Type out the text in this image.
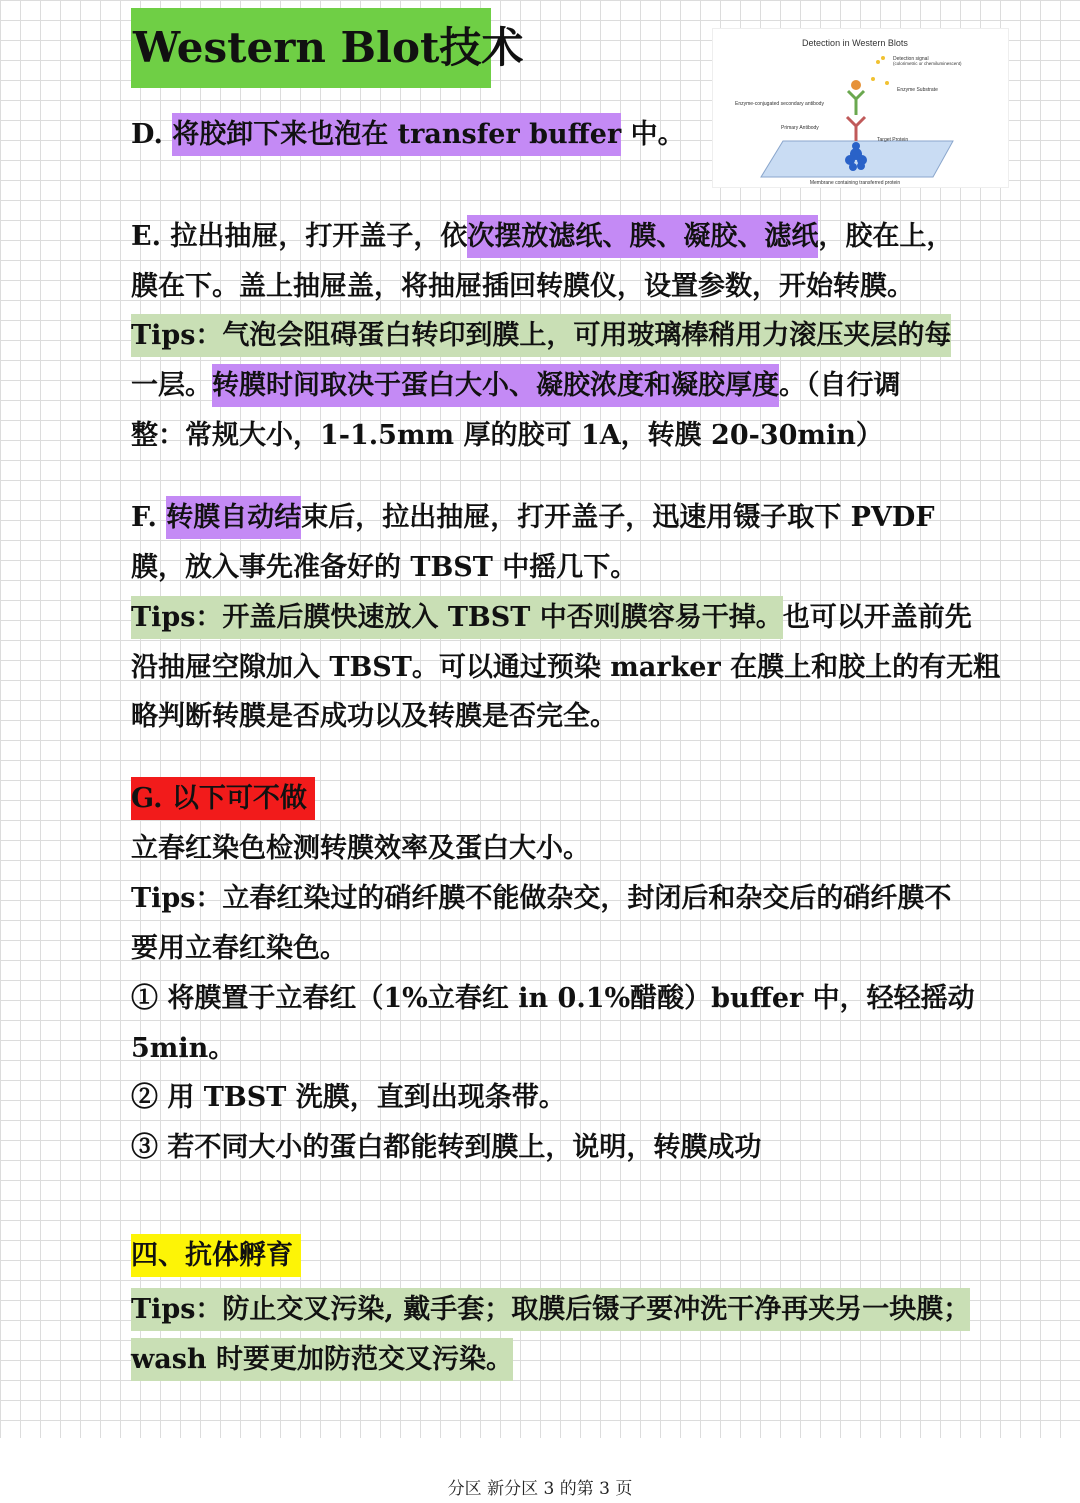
Western Blot技术	Detection in Western Blots
Detection signal
(colorimetric or chemiluminescent)
Enzyme Substrate
Enzyme-conjugated secondary antibody
Primary Antibody
Target Protein
Membrane containing transferred protein
D. 将胶卸下来也泡在 transfer buffer 中。
E. 拉出抽屉，打开盖子，依次摆放滤纸、膜、凝胶、滤纸，胶在上，
膜在下。盖上抽屉盖，将抽屉插回转膜仪，设置参数，开始转膜。
Tips：气泡会阻碍蛋白转印到膜上，可用玻璃棒稍用力滚压夹层的每
一层。转膜时间取决于蛋白大小、凝胶浓度和凝胶厚度。（自行调
整：常规大小，1-1.5mm 厚的胶可 1A，转膜 20-30min）
F. 转膜自动结束后，拉出抽屉，打开盖子，迅速用镊子取下 PVDF
膜，放入事先准备好的 TBST 中摇几下。
Tips：开盖后膜快速放入 TBST 中否则膜容易干掉。也可以开盖前先
沿抽屉空隙加入 TBST。可以通过预染 marker 在膜上和胶上的有无粗
略判断转膜是否成功以及转膜是否完全。
G. 以下可不做
立春红染色检测转膜效率及蛋白大小。
Tips：立春红染过的硝纤膜不能做杂交，封闭后和杂交后的硝纤膜不
要用立春红染色。
① 将膜置于立春红（1%立春红 in 0.1%醋酸）buffer 中，轻轻摇动
5min。
② 用 TBST 洗膜，直到出现条带。
③ 若不同大小的蛋白都能转到膜上，说明，转膜成功
四、抗体孵育
Tips：防止交叉污染, 戴手套；取膜后镊子要冲洗干净再夹另一块膜；
wash 时要更加防范交叉污染。
分区 新分区 3 的第 3 页
